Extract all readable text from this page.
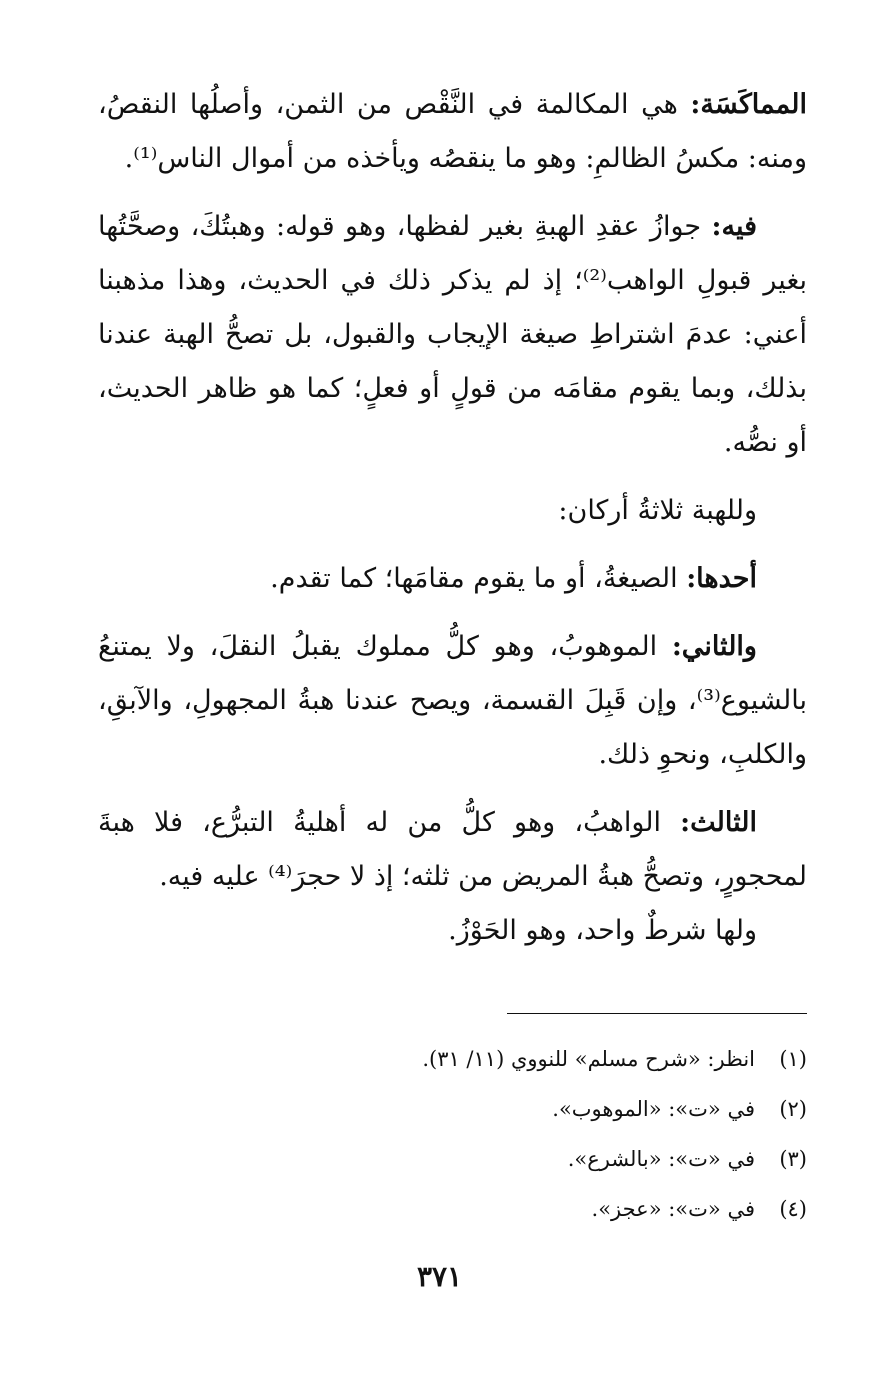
المماكَسَة: هي المكالمة في النَّقْص من الثمن، وأصلُها النقصُ، ومنه: مكسُ الظالمِ: وهو ما ينقصُه ويأخذه من أموال الناس⁽¹⁾.

فيه: جوازُ عقدِ الهبةِ بغير لفظها، وهو قوله: وهبتُكَ، وصحَّتُها بغير قبولِ الواهب⁽²⁾؛ إذ لم يذكر ذلك في الحديث، وهذا مذهبنا أعني: عدمَ اشتراطِ صيغة الإيجاب والقبول، بل تصحُّ الهبة عندنا بذلك، وبما يقوم مقامَه من قولٍ أو فعلٍ؛ كما هو ظاهر الحديث، أو نصُّه.

وللهبة ثلاثةُ أركان:

أحدها: الصيغةُ، أو ما يقوم مقامَها؛ كما تقدم.

والثاني: الموهوبُ، وهو كلُّ مملوك يقبلُ النقلَ، ولا يمتنعُ بالشيوع⁽³⁾، وإن قَبِلَ القسمة، ويصح عندنا هبةُ المجهولِ، والآبقِ، والكلبِ، ونحوِ ذلك.

الثالث: الواهبُ، وهو كلُّ من له أهليةُ التبرُّع، فلا هبةَ لمحجورٍ، وتصحُّ هبةُ المريض من ثلثه؛ إذ لا حجرَ⁽⁴⁾ عليه فيه.

ولها شرطٌ واحد، وهو الحَوْزُ.

(١)
انظر: «شرح مسلم» للنووي (١١/ ٣١).
(٢)
في «ت»: «الموهوب».
(٣)
في «ت»: «بالشرع».
(٤)
في «ت»: «عجز».
٣٧١
